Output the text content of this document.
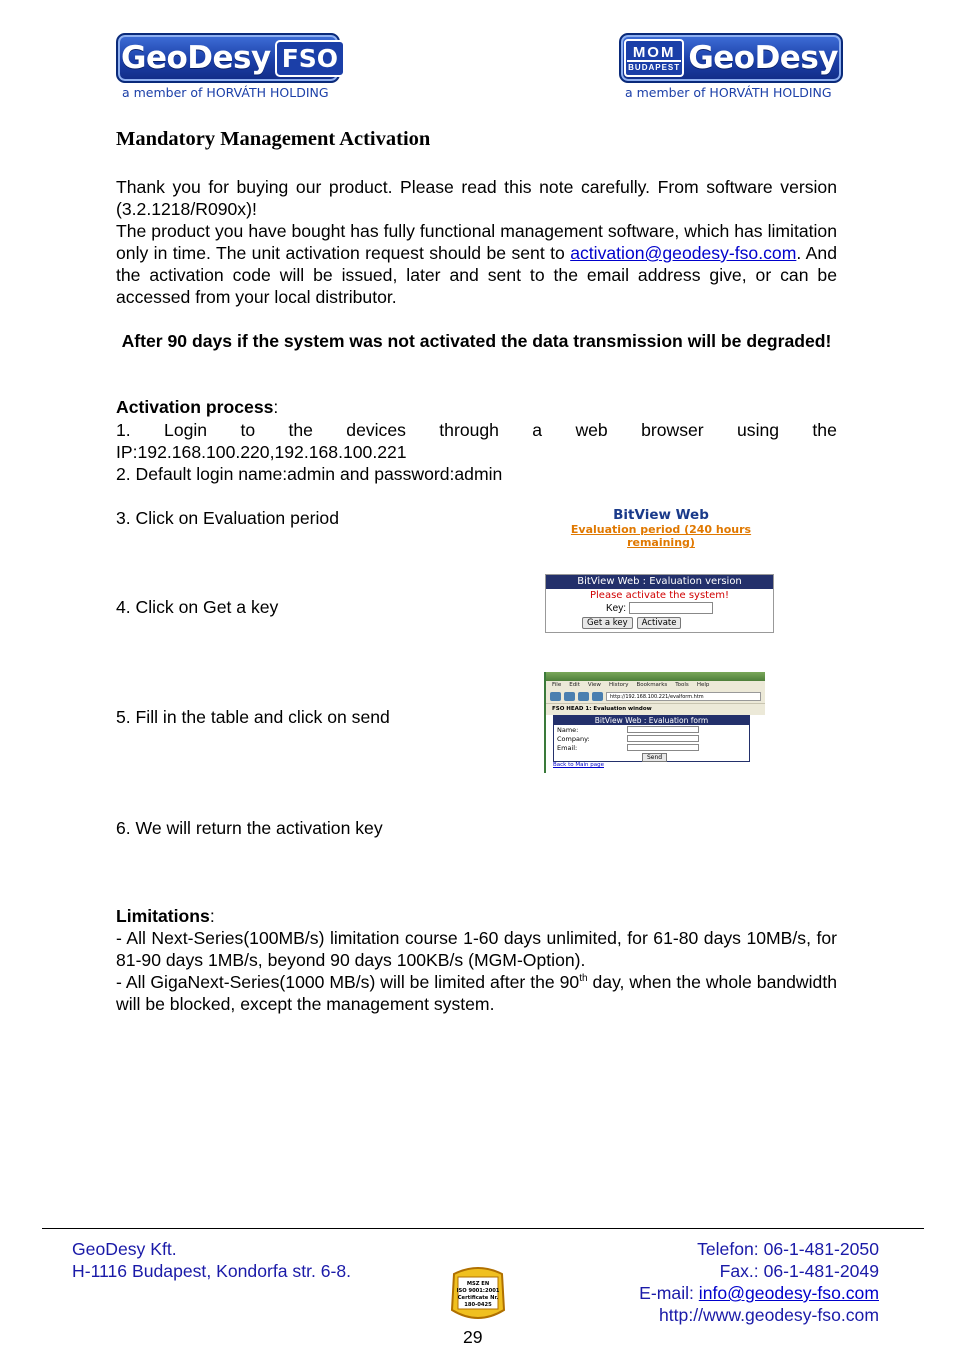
GeoDesy FSO
a member of HORVÁTH HOLDING
MOM
BUDAPEST GeoDesy
a member of HORVÁTH HOLDING
Mandatory Management Activation
Thank you for buying our product. Please read this note carefully. From software version (3.2.1218/R090x)!
The product you have bought has fully functional management software, which has limitation only in time. The unit activation request should be sent to activation@geodesy-fso.com. And the activation code will be issued, later and sent to the email address give, or can be accessed from your local distributor.
After 90 days if the system was not activated the data transmission will be degraded!
Activation process:
1. Login to the devices through a web browser using the
IP:192.168.100.220,192.168.100.221
2. Default login name:admin and password:admin
3. Click on Evaluation period
4. Click on Get a key
5. Fill in the table and click on send
6. We will return the activation key
BitView Web
Evaluation period (240 hours remaining)
BitView Web : Evaluation version
Please activate the system!
Key:
Get a key	Activate
File Edit View History Bookmarks Tools Help
http://192.168.100.221/evalform.htm
FSO HEAD 1: Evaluation window
BitView Web : Evaluation form
Name:
Company:
Email:
Send
Back to Main page
Limitations:
- All Next-Series(100MB/s) limitation course 1-60 days unlimited, for 61-80 days 10MB/s, for 81-90 days 1MB/s, beyond 90 days 100KB/s (MGM-Option).
- All GigaNext-Series(1000 MB/s) will be limited after the 90th day, when the whole bandwidth will be blocked, except the management system.
GeoDesy Kft.
H-1116 Budapest, Kondorfa str. 6-8.
Telefon: 06-1-481-2050
Fax.: 06-1-481-2049
E-mail: info@geodesy-fso.com
http://www.geodesy-fso.com
MSZ EN ISO 9001:2001 Certificate Nr. 180-0425
29
